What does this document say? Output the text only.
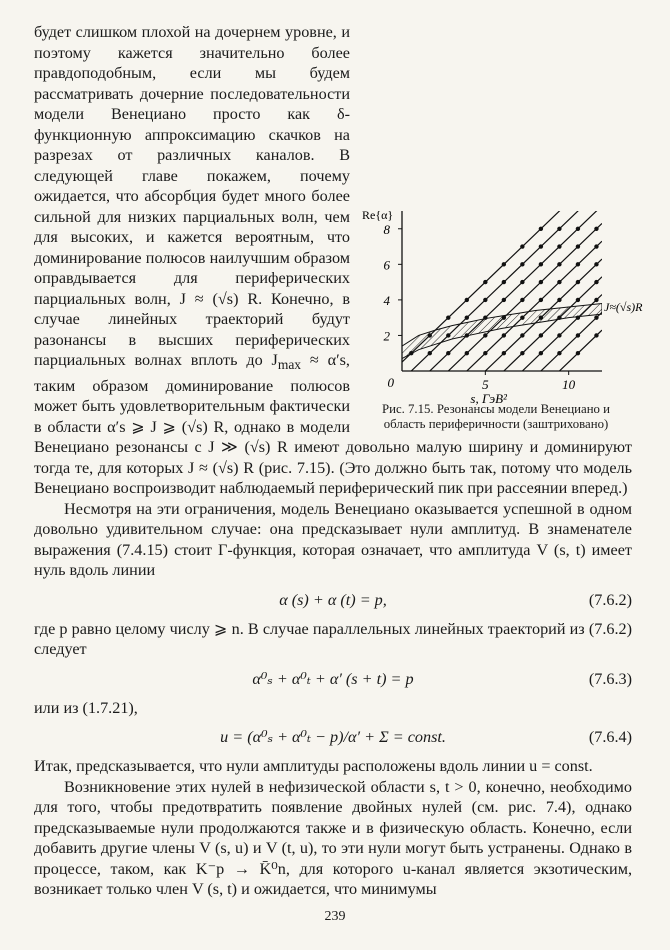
2
4
6
8
5	10
0
Re{α}
s, ГэВ²
J≈(√s)R
Рис. 7.15. Резонансы модели Венециано и область периферичности (заштриховано)

будет слишком плохой на дочернем уровне, и поэтому кажется значительно более правдоподобным, если мы будем рассматривать дочерние последовательности модели Венециано просто как δ-функционную аппроксимацию скачков на разрезах от различных каналов. В следующей главе покажем, почему ожидается, что абсорбция будет много более сильной для низких парциальных волн, чем для высоких, и кажется вероятным, что доминирование полюсов наилучшим образом оправдывается для периферических парциальных волн, J ≈ (√s) R. Конечно, в случае линейных траекторий будут разонансы в высших периферических парциальных волнах вплоть до $J_{max} \approx \alpha's$, таким образом доминирование полюсов может быть удовлетворительным фактически в области α′s ⩾ J ⩾ (√s) R, однако в модели Венециано резонансы с J ≫ (√s) R имеют довольно малую ширину и доминируют тогда те, для которых J ≈ (√s) R (рис. 7.15). (Это должно быть так, потому что модель Венециано воспроизводит наблюдаемый периферический пик при рассеянии вперед.)

Несмотря на эти ограничения, модель Венециано оказывается успешной в одном довольно удивительном случае: она предсказывает нули амплитуд. В знаменателе выражения (7.4.15) стоит Γ-функция, которая означает, что амплитуда V (s, t) имеет нуль вдоль линии

α (s) + α (t) = p,	(7.6.2)

где p равно целому числу ⩾ n. В случае параллельных линейных траекторий из (7.6.2) следует

α⁰ₛ + α⁰ₜ + α′ (s + t) = p	(7.6.3)

или из (1.7.21),

u = (α⁰ₛ + α⁰ₜ − p)/α′ + Σ = const.	(7.6.4)

Итак, предсказывается, что нули амплитуды расположены вдоль линии u = const.

Возникновение этих нулей в нефизической области s, t > 0, конечно, необходимо для того, чтобы предотвратить появление двойных нулей (см. рис. 7.4), однако предсказываемые нули продолжаются также и в физическую область. Конечно, если добавить другие члены V (s, u) и V (t, u), то эти нули могут быть устранены. Однако в процессе, таком, как K⁻p → K̄⁰n, для которого u-канал является экзотическим, возникает только член V (s, t) и ожидается, что минимумы

239
